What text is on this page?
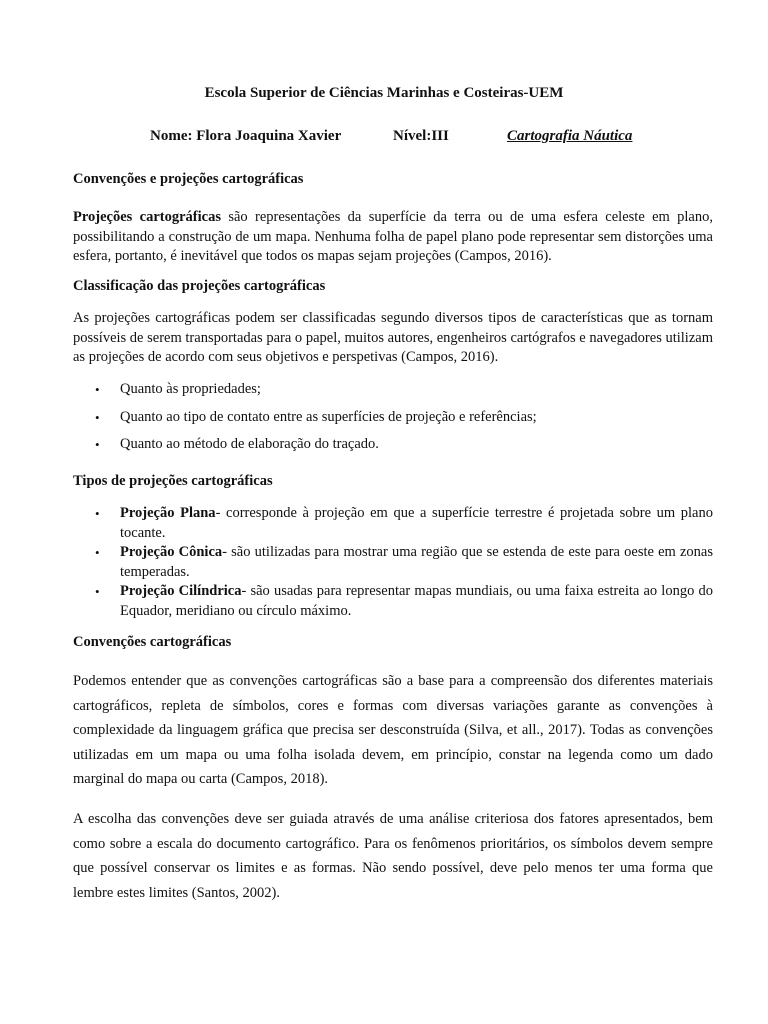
Escola Superior de Ciências Marinhas e Costeiras-UEM
Nome: Flora Joaquina Xavier	Nível:III	Cartografia Náutica
Convenções e projeções cartográficas

Projeções cartográficas são representações da superfície da terra ou de uma esfera celeste em plano, possibilitando a construção de um mapa. Nenhuma folha de papel plano pode representar sem distorções uma esfera, portanto, é inevitável que todos os mapas sejam projeções (Campos, 2016).

Classificação das projeções cartográficas

As projeções cartográficas podem ser classificadas segundo diversos tipos de características que as tornam possíveis de serem transportadas para o papel, muitos autores, engenheiros cartógrafos e navegadores utilizam as projeções de acordo com seus objetivos e perspetivas (Campos, 2016).

• Quanto às propriedades;
• Quanto ao tipo de contato entre as superfícies de projeção e referências;
• Quanto ao método de elaboração do traçado.
Tipos de projeções cartográficas
• Projeção Plana- corresponde à projeção em que a superfície terrestre é projetada sobre um plano tocante.
• Projeção Cônica- são utilizadas para mostrar uma região que se estenda de este para oeste em zonas temperadas.
• Projeção Cilíndrica- são usadas para representar mapas mundiais, ou uma faixa estreita ao longo do Equador, meridiano ou círculo máximo.
Convenções cartográficas

Podemos entender que as convenções cartográficas são a base para a compreensão dos diferentes materiais cartográficos, repleta de símbolos, cores e formas com diversas variações garante as convenções à complexidade da linguagem gráfica que precisa ser desconstruída (Silva, et all., 2017). Todas as convenções utilizadas em um mapa ou uma folha isolada devem, em princípio, constar na legenda como um dado marginal do mapa ou carta (Campos, 2018).

A escolha das convenções deve ser guiada através de uma análise criteriosa dos fatores apresentados, bem como sobre a escala do documento cartográfico. Para os fenômenos prioritários, os símbolos devem sempre que possível conservar os limites e as formas. Não sendo possível, deve pelo menos ter uma forma que lembre estes limites (Santos, 2002).
